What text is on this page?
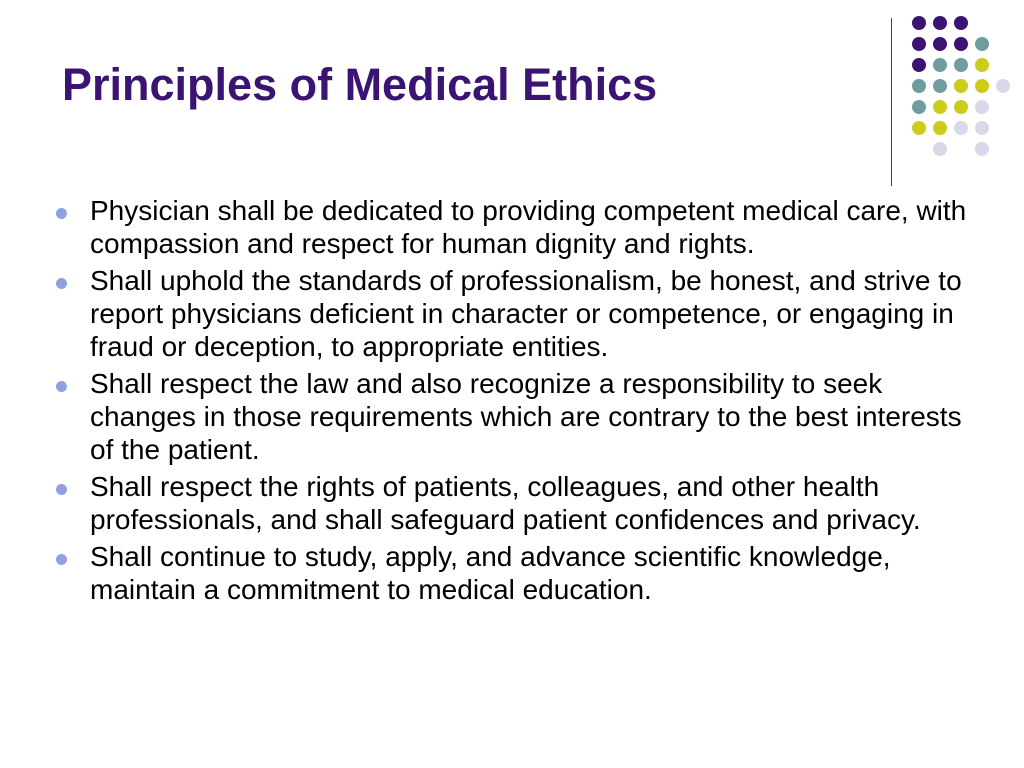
Principles of Medical Ethics
Physician shall be dedicated to providing competent medical care, with compassion and respect for human dignity and rights.
Shall uphold the standards of professionalism, be honest, and strive to report physicians deficient in character or competence, or engaging in fraud or deception, to appropriate entities.
Shall respect the law and also recognize a responsibility to seek changes in those requirements which are contrary to the best interests of the patient.
Shall respect the rights of patients, colleagues, and other health professionals, and shall safeguard patient confidences and privacy.
Shall continue to study, apply, and advance scientific knowledge, maintain a commitment to medical education.
